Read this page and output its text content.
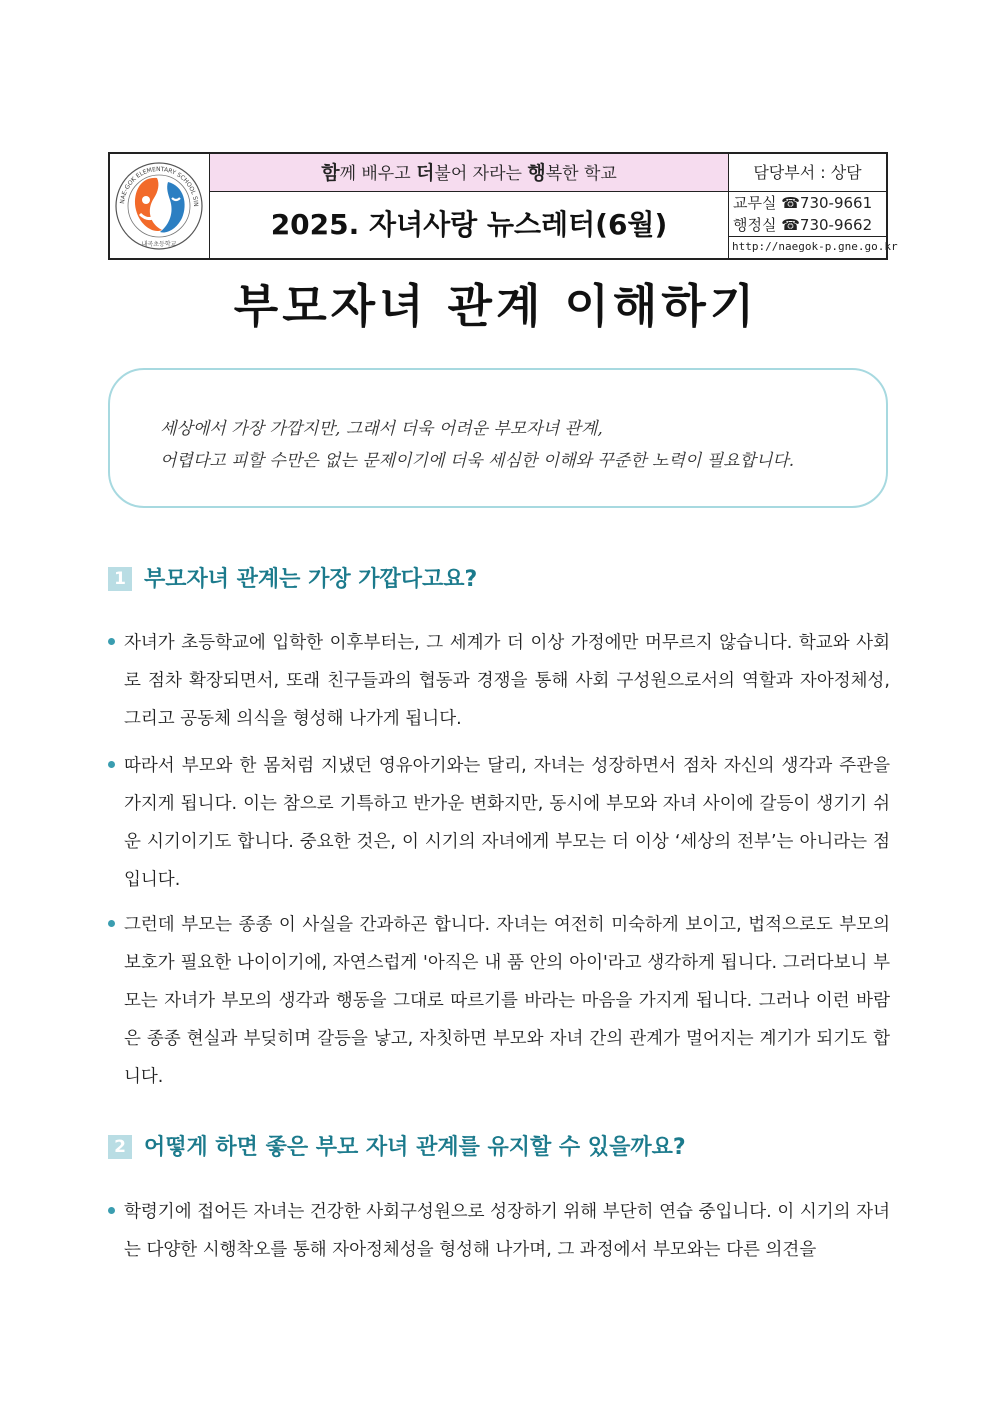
NAE-GOK ELEMENTARY SCHOOL SIN
내곡초등학교
함께 배우고 더불어 자라는 행복한 학교
2025. 자녀사랑 뉴스레터(6월)
담당부서 : 상담
교무실 ☎730-9661
행정실 ☎730-9662
http://naegok-p.gne.go.kr
부모자녀 관계 이해하기
세상에서 가장 가깝지만, 그래서 더욱 어려운 부모자녀 관계,
어렵다고 피할 수만은 없는 문제이기에 더욱 세심한 이해와 꾸준한 노력이 필요합니다.
1 부모자녀 관계는 가장 가깝다고요?
자녀가 초등학교에 입학한 이후부터는, 그 세계가 더 이상 가정에만 머무르지 않습니다. 학교와 사회로 점차 확장되면서, 또래 친구들과의 협동과 경쟁을 통해 사회 구성원으로서의 역할과 자아정체성, 그리고 공동체 의식을 형성해 나가게 됩니다.
따라서 부모와 한 몸처럼 지냈던 영유아기와는 달리, 자녀는 성장하면서 점차 자신의 생각과 주관을 가지게 됩니다. 이는 참으로 기특하고 반가운 변화지만, 동시에 부모와 자녀 사이에 갈등이 생기기 쉬운 시기이기도 합니다. 중요한 것은, 이 시기의 자녀에게 부모는 더 이상 ‘세상의 전부’는 아니라는 점입니다.
그런데 부모는 종종 이 사실을 간과하곤 합니다. 자녀는 여전히 미숙하게 보이고, 법적으로도 부모의 보호가 필요한 나이이기에, 자연스럽게 '아직은 내 품 안의 아이'라고 생각하게 됩니다. 그러다보니 부모는 자녀가 부모의 생각과 행동을 그대로 따르기를 바라는 마음을 가지게 됩니다. 그러나 이런 바람은 종종 현실과 부딪히며 갈등을 낳고, 자칫하면 부모와 자녀 간의 관계가 멀어지는 계기가 되기도 합니다.
2 어떻게 하면 좋은 부모 자녀 관계를 유지할 수 있을까요?
학령기에 접어든 자녀는 건강한 사회구성원으로 성장하기 위해 부단히 연습 중입니다. 이 시기의 자녀는 다양한 시행착오를 통해 자아정체성을 형성해 나가며, 그 과정에서 부모와는 다른 의견을
